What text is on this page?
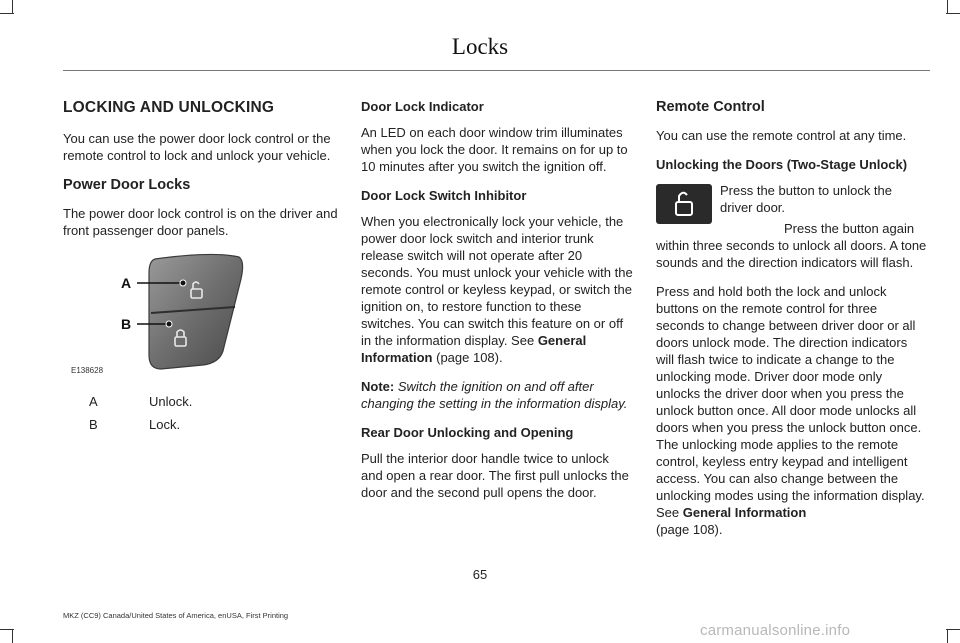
Locks
LOCKING AND UNLOCKING

You can use the power door lock control or the remote control to lock and unlock your vehicle.

Power Door Locks

The power door lock control is on the driver and front passenger door panels.

A
B
E138628
A	Unlock.
B	Lock.
Door Lock Indicator

An LED on each door window trim illuminates when you lock the door. It remains on for up to 10 minutes after you switch the ignition off.

Door Lock Switch Inhibitor

When you electronically lock your vehicle, the power door lock switch and interior trunk release switch will not operate after 20 seconds. You must unlock your vehicle with the remote control or keyless keypad, or switch the ignition on, to restore function to these switches. You can switch this feature on or off in the information display. See General Information (page 108).

Note: Switch the ignition on and off after changing the setting in the information display.

Rear Door Unlocking and Opening

Pull the interior door handle twice to unlock and open a rear door. The first pull unlocks the door and the second pull opens the door.

Remote Control

You can use the remote control at any time.

Unlocking the Doors (Two-Stage Unlock)

Press the button to unlock the driver door.

Press the button again within three seconds to unlock all doors. A tone sounds and the direction indicators will flash.

Press and hold both the lock and unlock buttons on the remote control for three seconds to change between driver door or all doors unlock mode. The direction indicators will flash twice to indicate a change to the unlocking mode. Driver door mode only unlocks the driver door when you press the unlock button once. All door mode unlocks all doors when you press the unlock button once. The unlocking mode applies to the remote control, keyless entry keypad and intelligent access. You can also change between the unlocking modes using the information display. See General Information
(page 108).

65
MKZ (CC9) Canada/United States of America, enUSA, First Printing
carmanualsonline.info
